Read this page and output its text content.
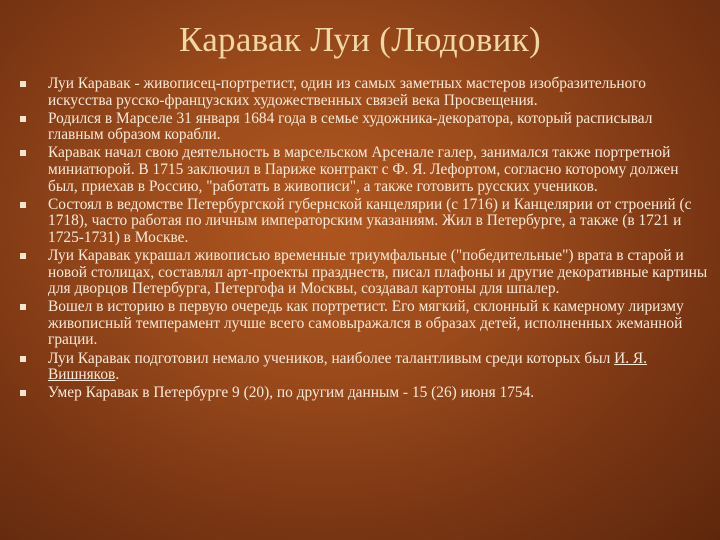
Каравак Луи (Людовик)
Луи Каравак - живописец-портретист, один из самых заметных мастеров изобразительного искусства русско-французских художественных связей века Просвещения.
Родился в Марселе 31 января 1684 года в семье художника-декоратора, который расписывал главным образом корабли.
Каравак начал свою деятельность в марсельском Арсенале галер, занимался также портретной миниатюрой. В 1715 заключил в Париже контракт с Ф. Я. Лефортом, согласно которому должен был, приехав в Россию, "работать в живописи", а также готовить русских учеников.
Состоял в ведомстве Петербургской губернской канцелярии (с 1716) и Канцелярии от строений (с 1718), часто работая по личным императорским указаниям. Жил в Петербурге, а также (в 1721 и 1725-1731) в Москве.
Луи Каравак украшал живописью временные триумфальные ("победительные") врата в старой и новой столицах, составлял арт-проекты празднеств, писал плафоны и другие декоративные картины для дворцов Петербурга, Петергофа и Москвы, создавал картоны для шпалер.
Вошел в историю в первую очередь как портретист. Его мягкий, склонный к камерному лиризму живописный темперамент лучше всего самовыражался в образах детей, исполненных жеманной грации.
Луи Каравак подготовил немало учеников, наиболее талантливым среди которых был И. Я. Вишняков.
Умер Каравак в Петербурге 9 (20), по другим данным - 15 (26) июня 1754.
